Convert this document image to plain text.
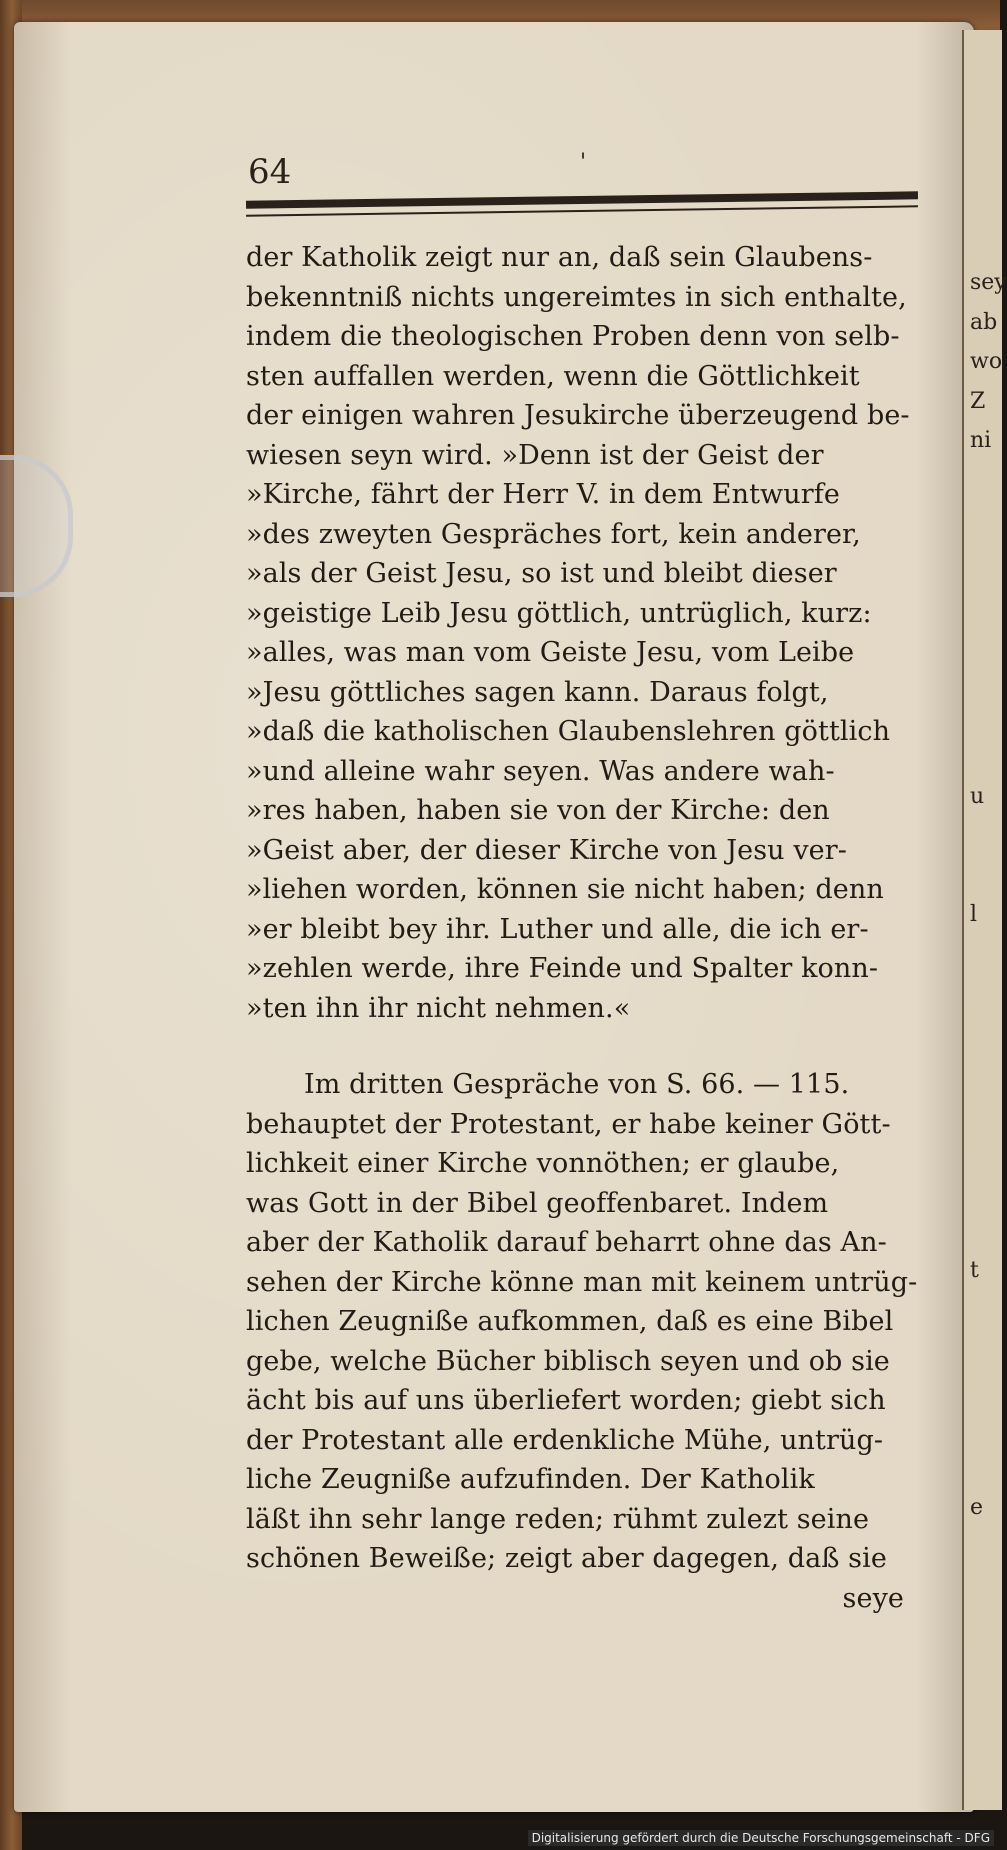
sey
ab
wo
Z
ni
u
l
t
e
64	'
der Katholik zeigt nur an, daß sein Glaubens-
bekenntniß nichts ungereimtes in sich enthalte,
indem die theologischen Proben denn von selb-
sten auffallen werden, wenn die Göttlichkeit
der einigen wahren Jesukirche überzeugend be-
wiesen seyn wird. »Denn ist der Geist der
»Kirche, fährt der Herr V. in dem Entwurfe
»des zweyten Gespräches fort, kein anderer,
»als der Geist Jesu, so ist und bleibt dieser
»geistige Leib Jesu göttlich, untrüglich, kurz:
»alles, was man vom Geiste Jesu, vom Leibe
»Jesu göttliches sagen kann. Daraus folgt,
»daß die katholischen Glaubenslehren göttlich
»und alleine wahr seyen. Was andere wah-
»res haben, haben sie von der Kirche: den
»Geist aber, der dieser Kirche von Jesu ver-
»liehen worden, können sie nicht haben; denn
»er bleibt bey ihr. Luther und alle, die ich er-
»zehlen werde, ihre Feinde und Spalter konn-
»ten ihn ihr nicht nehmen.«
Im dritten Gespräche von S. 66. — 115.
behauptet der Protestant, er habe keiner Gött-
lichkeit einer Kirche vonnöthen; er glaube,
was Gott in der Bibel geoffenbaret. Indem
aber der Katholik darauf beharrt ohne das An-
sehen der Kirche könne man mit keinem untrüg-
lichen Zeugniße aufkommen, daß es eine Bibel
gebe, welche Bücher biblisch seyen und ob sie
ächt bis auf uns überliefert worden; giebt sich
der Protestant alle erdenkliche Mühe, untrüg-
liche Zeugniße aufzufinden. Der Katholik
läßt ihn sehr lange reden; rühmt zulezt seine
schönen Beweiße; zeigt aber dagegen, daß sie
seye
Digitalisierung gefördert durch die Deutsche Forschungsgemeinschaft - DFG
